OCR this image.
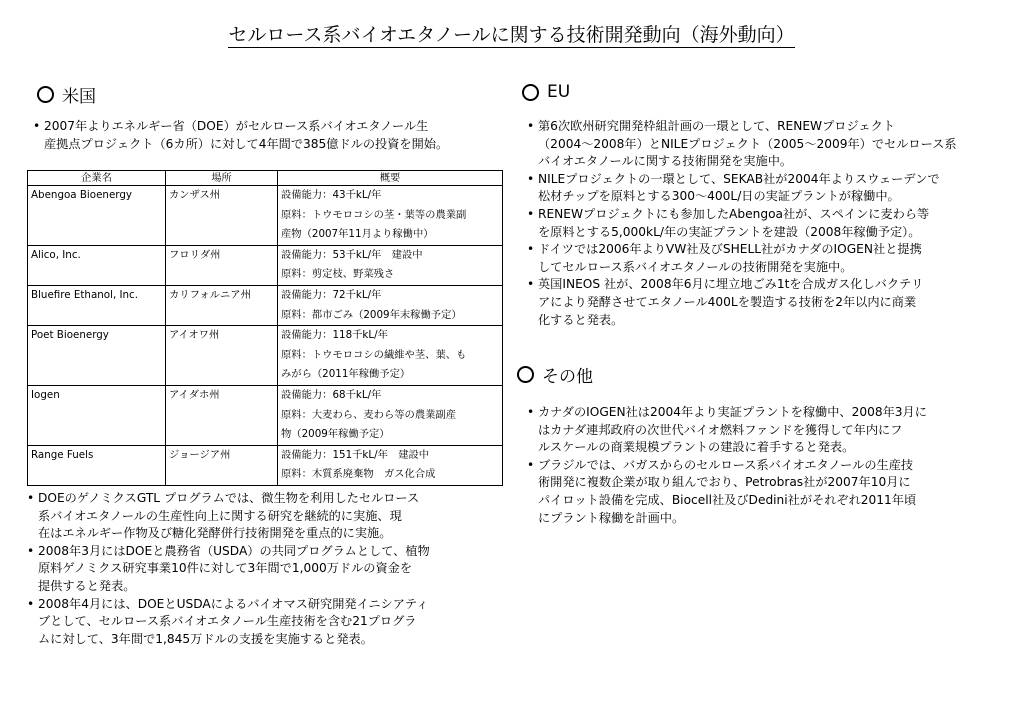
セルロース系バイオエタノールに関する技術開発動向（海外動向）
米国
• 2007年よりエネルギー省（DOE）がセルロース系バイオエタノール生
産拠点プロジェクト（6カ所）に対して4年間で385億ドルの投資を開始。
企業名	場所	概要
Abengoa Bioenergy	カンザス州	設備能力：43千kL/年
原料：トウモロコシの茎・葉等の農業副
産物（2007年11月より稼働中）
Alico, Inc.	フロリダ州	設備能力：53千kL/年　建設中
原料：剪定枝、野菜残さ
Bluefire Ethanol, Inc.	カリフォルニア州	設備能力：72千kL/年
原料：都市ごみ（2009年末稼働予定）
Poet Bioenergy	アイオワ州	設備能力：118千kL/年
原料：トウモロコシの繊維や茎、葉、も
みがら（2011年稼働予定）
Iogen	アイダホ州	設備能力：68千kL/年
原料：大麦わら、麦わら等の農業副産
物（2009年稼働予定）
Range Fuels	ジョージア州	設備能力：151千kL/年　建設中
原料：木質系廃棄物　ガス化合成
• DOEのゲノミクスGTL プログラムでは、微生物を利用したセルロース
系バイオエタノールの生産性向上に関する研究を継続的に実施、現
在はエネルギー作物及び糖化発酵併行技術開発を重点的に実施。
• 2008年3月にはDOEと農務省（USDA）の共同プログラムとして、植物
原料ゲノミクス研究事業10件に対して3年間で1,000万ドルの資金を
提供すると発表。
• 2008年4月には、DOEとUSDAによるバイオマス研究開発イニシアティ
ブとして、セルロース系バイオエタノール生産技術を含む21プログラ
ムに対して、3年間で1,845万ドルの支援を実施すると発表。
EU
• 第6次欧州研究開発枠組計画の一環として、RENEWプロジェクト
（2004～2008年）とNILEプロジェクト（2005～2009年）でセルロース系
バイオエタノールに関する技術開発を実施中。
• NILEプロジェクトの一環として、SEKAB社が2004年よりスウェーデンで
松材チップを原料とする300～400L/日の実証プラントが稼働中。
• RENEWプロジェクトにも参加したAbengoa社が、スペインに麦わら等
を原料とする5,000kL/年の実証プラントを建設（2008年稼働予定）。
• ドイツでは2006年よりVW社及びSHELL社がカナダのIOGEN社と提携
してセルロース系バイオエタノールの技術開発を実施中。
• 英国INEOS 社が、2008年6月に埋立地ごみ1tを合成ガス化しバクテリ
アにより発酵させてエタノール400Lを製造する技術を2年以内に商業
化すると発表。
その他
• カナダのIOGEN社は2004年より実証プラントを稼働中、2008年3月に
はカナダ連邦政府の次世代バイオ燃料ファンドを獲得して年内にフ
ルスケールの商業規模プラントの建設に着手すると発表。
• ブラジルでは、バガスからのセルロース系バイオエタノールの生産技
術開発に複数企業が取り組んでおり、Petrobras社が2007年10月に
パイロット設備を完成、Biocell社及びDedini社がそれぞれ2011年頃
にプラント稼働を計画中。
